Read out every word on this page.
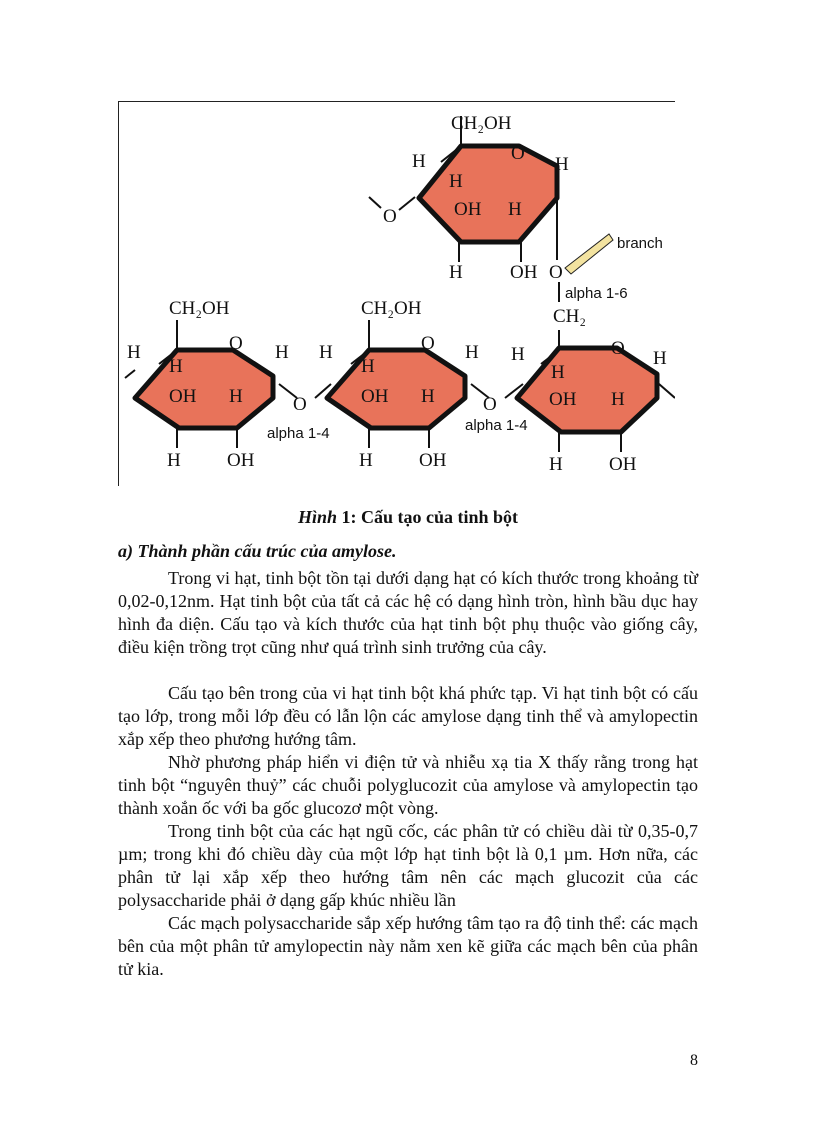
CH₂OH
O
H
H
H
OH H
O
H OH O
branch
alpha 1-6
CH₂OH
O
H
H
H
OH H
H OH
O
alpha 1-4
CH₂OH
O
H
H
H
OH H
H OH
O
alpha 1-4
CH₂
O
H
H
H
OH H
H OH
Hình 1: Cấu tạo của tinh bột
a) Thành phần cấu trúc của amylose.

Trong vi hạt, tinh bột tồn tại dưới dạng hạt có kích thước trong khoảng từ 0,02-0,12nm. Hạt tinh bột của tất cả các hệ có dạng hình tròn, hình bầu dục hay hình đa diện. Cấu tạo và kích thước của hạt tinh bột phụ thuộc vào giống cây, điều kiện trồng trọt cũng như quá trình sinh trưởng của cây.

Cấu tạo bên trong của vi hạt tinh bột khá phức tạp. Vi hạt tinh bột có cấu tạo lớp, trong mỗi lớp đều có lẫn lộn các amylose dạng tinh thể và amylopectin xắp xếp theo phương hướng tâm.

Nhờ phương pháp hiển vi điện tử và nhiễu xạ tia X thấy rằng trong hạt tinh bột “nguyên thuỷ” các chuỗi polyglucozit của amylose và amylopectin tạo thành xoắn ốc với ba gốc glucozơ một vòng.

Trong tinh bột của các hạt ngũ cốc, các phân tử có chiều dài từ 0,35-0,7 µm; trong khi đó chiều dày của một lớp hạt tinh bột là 0,1 µm. Hơn nữa, các phân tử lại xắp xếp theo hướng tâm nên các mạch glucozit của các polysaccharide phải ở dạng gấp khúc nhiều lần

Các mạch polysaccharide sắp xếp hướng tâm tạo ra độ tinh thể: các mạch bên của một phân tử amylopectin này nằm xen kẽ giữa các mạch bên của phân tử kia.

8
